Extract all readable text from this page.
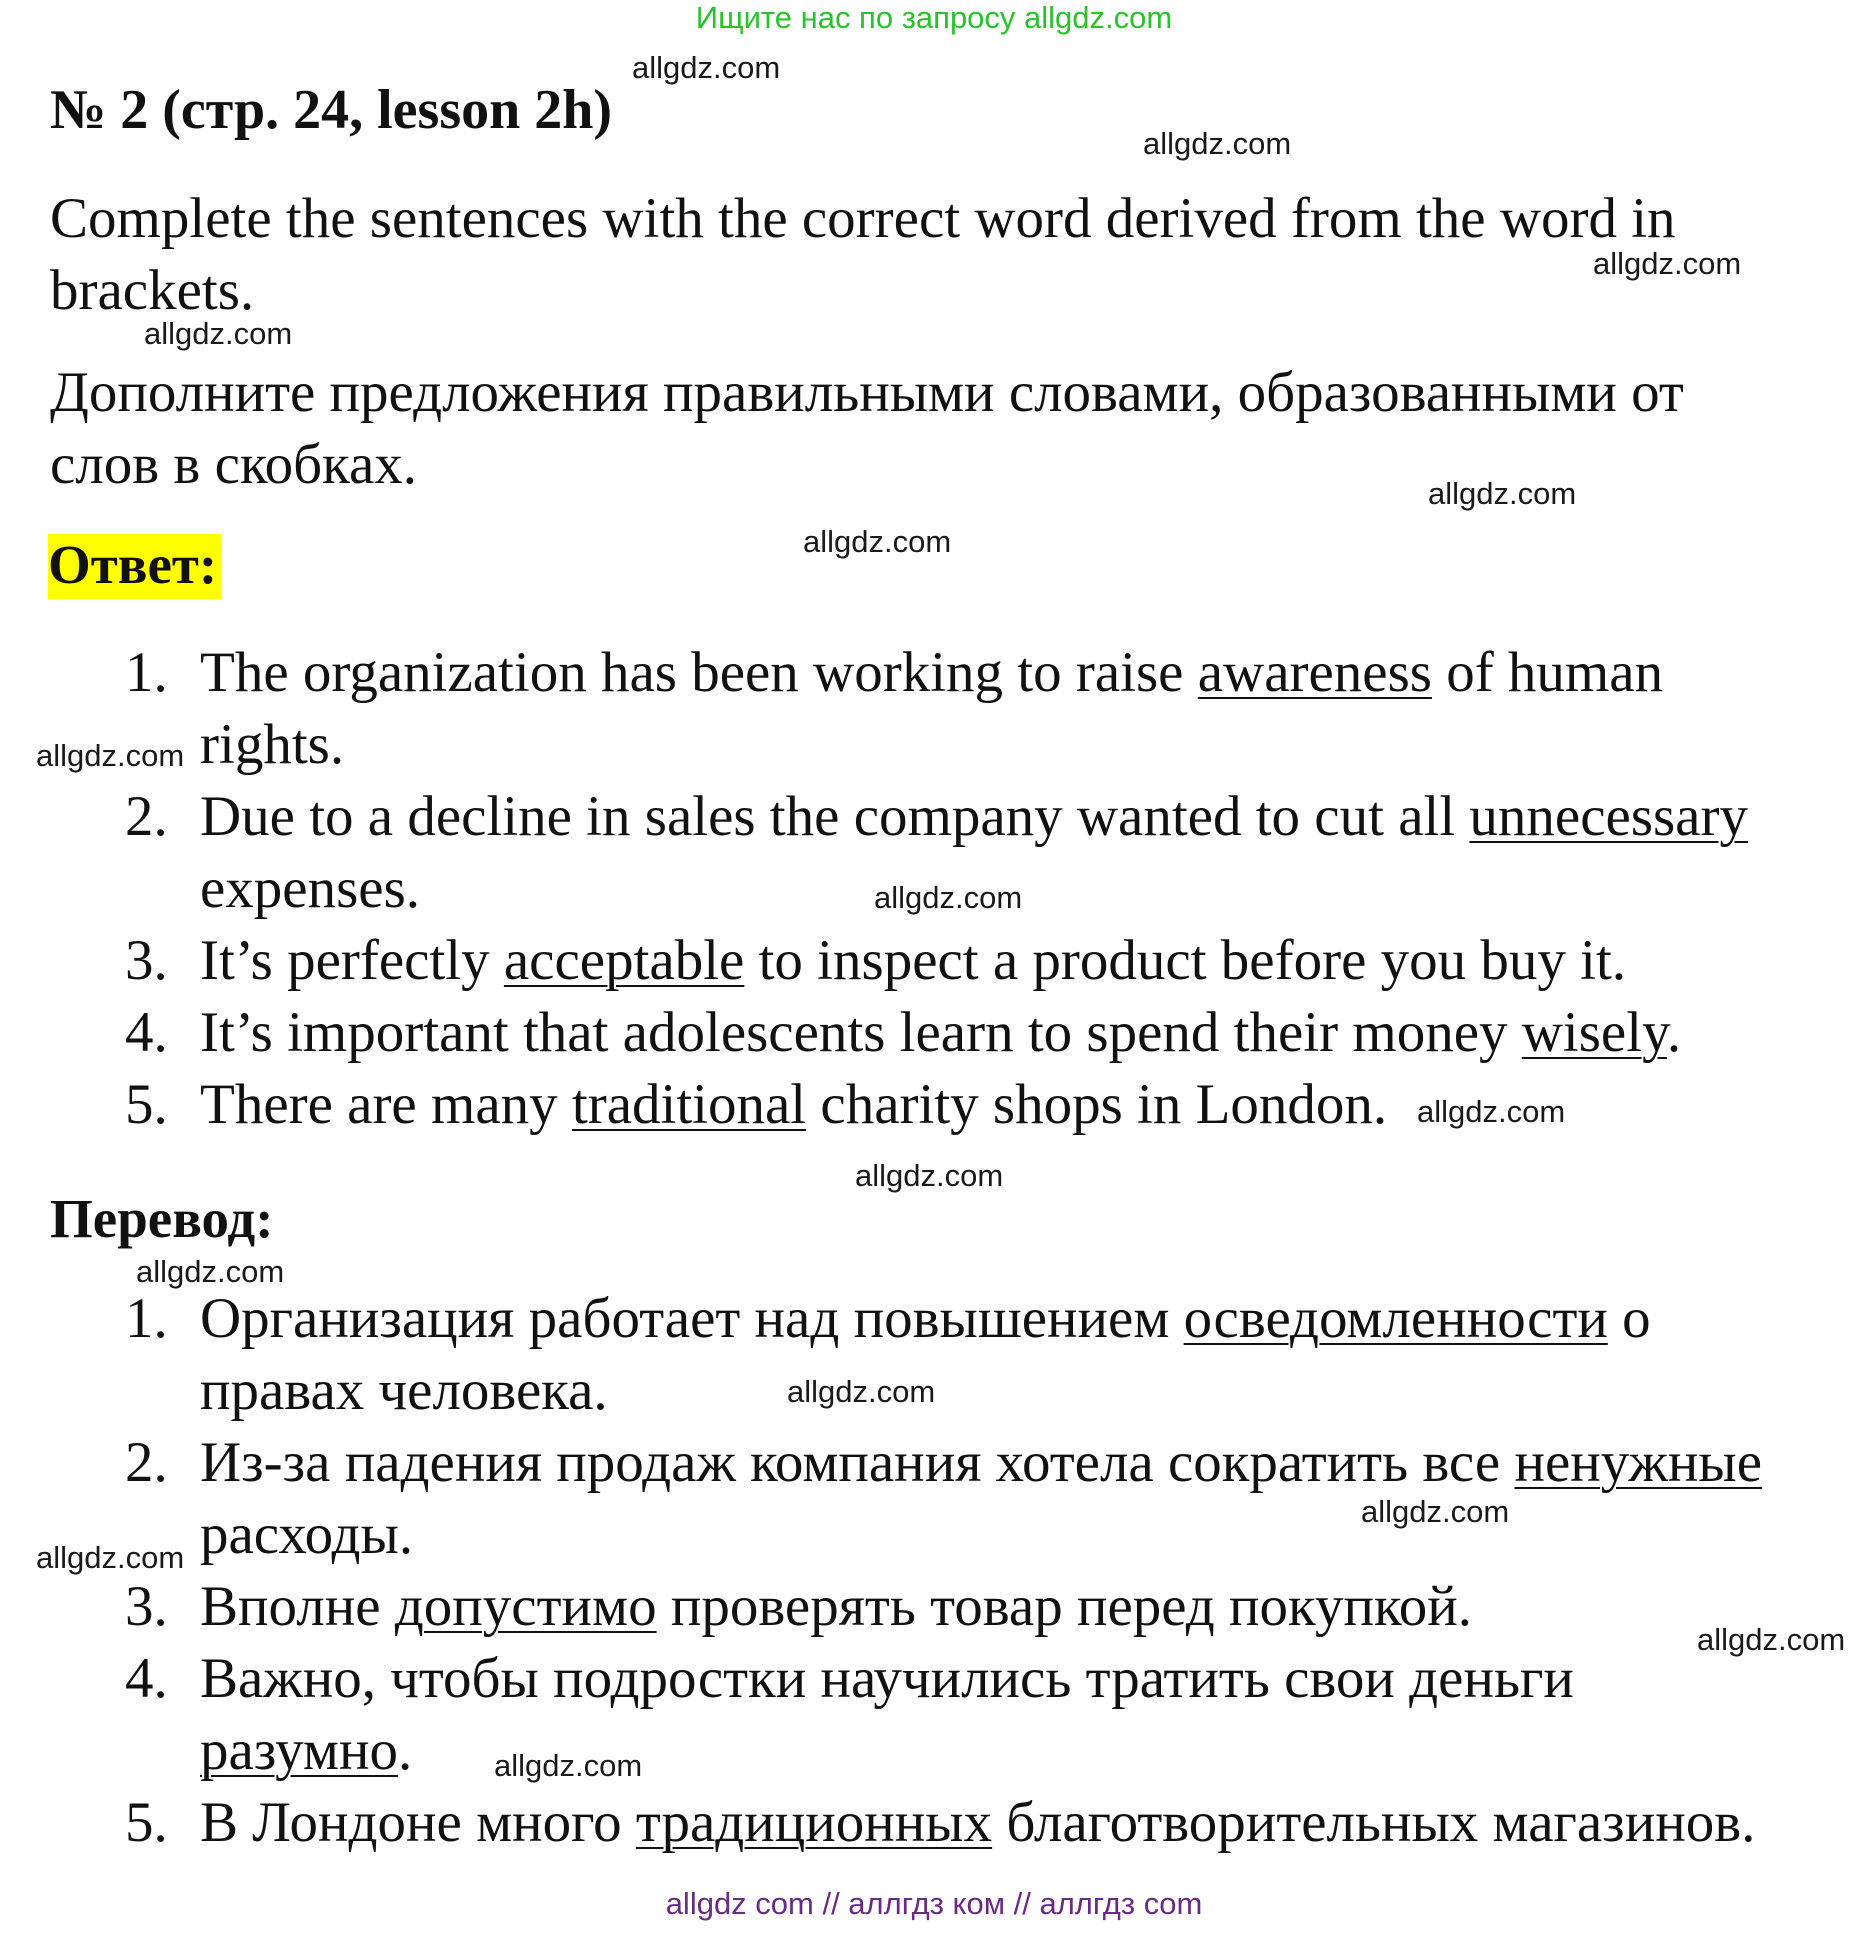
Ищите нас по запросу allgdz.com
№ 2 (стр. 24, lesson 2h)
Complete the sentences with the correct word derived from the word in
brackets.
Дополните предложения правильными словами, образованными от
слов в скобках.
Ответ:
1. The organization has been working to raise awareness of human
rights.
2. Due to a decline in sales the company wanted to cut all unnecessary
expenses.
3. It’s perfectly acceptable to inspect a product before you buy it.
4. It’s important that adolescents learn to spend their money wisely.
5. There are many traditional charity shops in London.
Перевод:
1. Организация работает над повышением осведомленности о
правах человека.
2. Из-за падения продаж компания хотела сократить все ненужные
расходы.
3. Вполне допустимо проверять товар перед покупкой.
4. Важно, чтобы подростки научились тратить свои деньги
разумно.
5. В Лондоне много традиционных благотворительных магазинов.
allgdz.com
allgdz.com
allgdz.com
allgdz.com
allgdz.com
allgdz.com
allgdz.com
allgdz.com
allgdz.com
allgdz.com
allgdz.com
allgdz.com
allgdz.com
allgdz.com
allgdz.com
allgdz.com
allgdz com // аллгдз ком // аллгдз com
